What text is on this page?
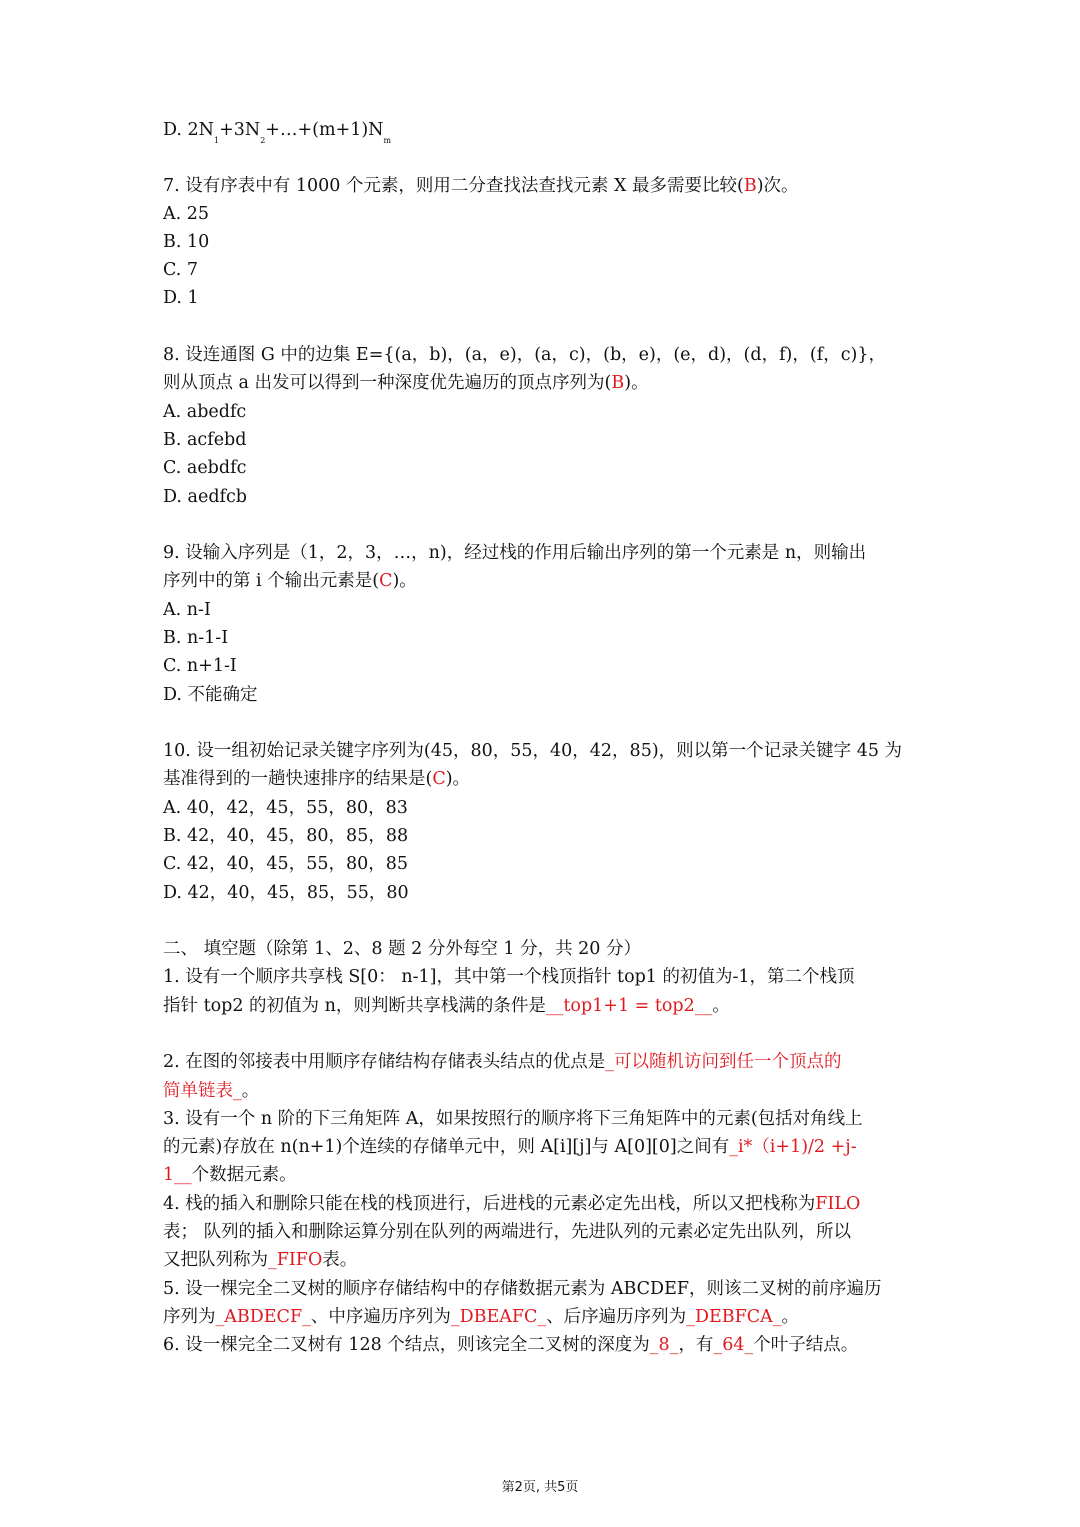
D. $2N_1+3N_2+\dots+(m+1)N_m$
7. 设有序表中有 1000 个元素，则用二分查找法查找元素 X 最多需要比较(B)次。
A. 25
B. 10
C. 7
D. 1
8. 设连通图 G 中的边集 E={(a，b)，(a，e)，(a，c)，(b，e)，(e，d)，(d，f)，(f，c)}，
则从顶点 a 出发可以得到一种深度优先遍历的顶点序列为(B)。
A. abedfc
B. acfebd
C. aebdfc
D. aedfcb
9. 设输入序列是（1，2，3，…，n)，经过栈的作用后输出序列的第一个元素是 n，则输出
序列中的第 i 个输出元素是(C)。
A. n-I
B. n-1-I
C. n+1-I
D. 不能确定
10. 设一组初始记录关键字序列为(45，80，55，40，42，85)，则以第一个记录关键字 45 为
基准得到的一趟快速排序的结果是(C)。
A. 40，42，45，55，80，83
B. 42，40，45，80，85，88
C. 42，40，45，55，80，85
D. 42，40，45，85，55，80
二、 填空题（除第 1、2、8 题 2 分外每空 1 分，共 20 分）
1. 设有一个顺序共享栈 S[0： n-1]，其中第一个栈顶指针 top1 的初值为-1，第二个栈顶
指针 top2 的初值为 n，则判断共享栈满的条件是__top1+1 = top2__。
2. 在图的邻接表中用顺序存储结构存储表头结点的优点是_可以随机访问到任一个顶点的
简单链表_。
3. 设有一个 n 阶的下三角矩阵 A，如果按照行的顺序将下三角矩阵中的元素(包括对角线上
的元素)存放在 n(n+1)个连续的存储单元中，则 A[i][j]与 A[0][0]之间有_i*（i+1)/2 +j-
1__个数据元素。
4. 栈的插入和删除只能在栈的栈顶进行，后进栈的元素必定先出栈，所以又把栈称为FILO
表； 队列的插入和删除运算分别在队列的两端进行，先进队列的元素必定先出队列，所以
又把队列称为_FIFO表。
5. 设一棵完全二叉树的顺序存储结构中的存储数据元素为 ABCDEF，则该二叉树的前序遍历
序列为_ABDECF_、中序遍历序列为_DBEAFC_、后序遍历序列为_DEBFCA_。
6. 设一棵完全二叉树有 128 个结点，则该完全二叉树的深度为_8_，有_64_个叶子结点。
第2页, 共5页
